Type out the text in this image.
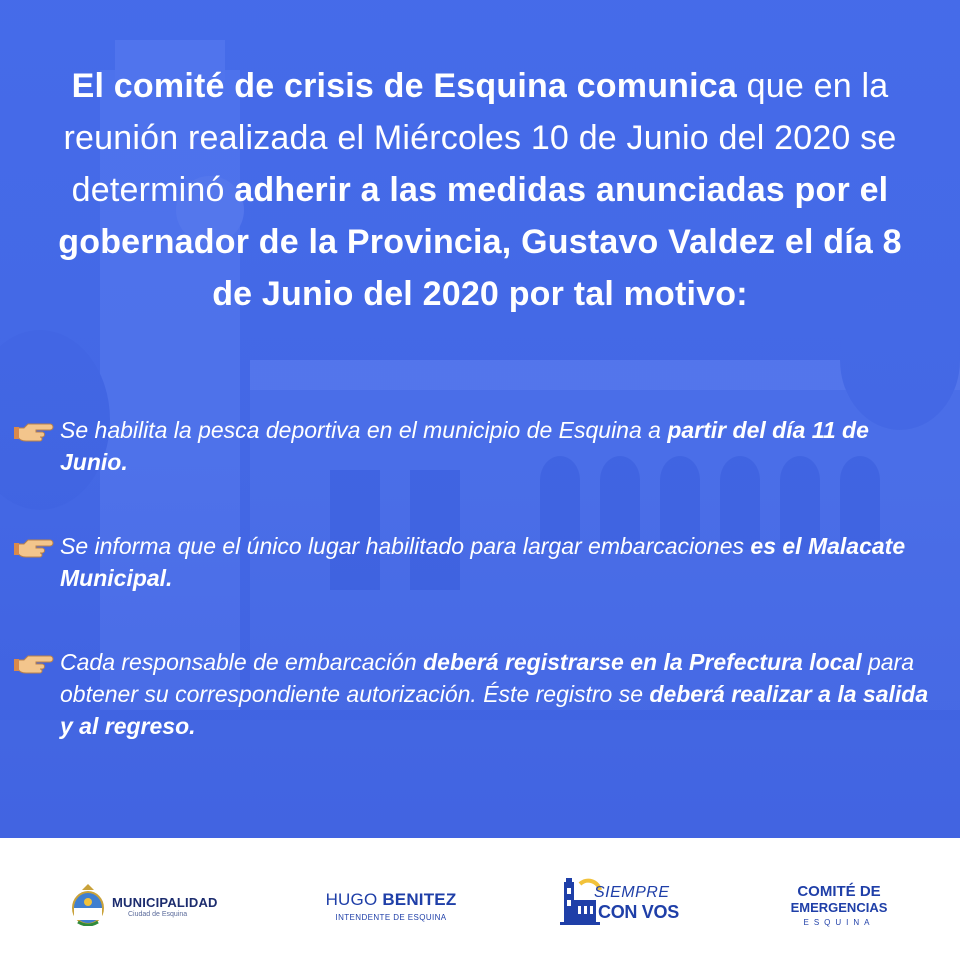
El comité de crisis de Esquina comunica que en la reunión realizada el Miércoles 10 de Junio del 2020 se determinó adherir a las medidas anunciadas por el gobernador de la Provincia, Gustavo Valdez el día 8 de Junio del 2020 por tal motivo:
Se habilita la pesca deportiva en el municipio de Esquina a partir del día 11 de Junio.
Se informa que el único lugar habilitado para largar embarcaciones es el Malacate Municipal.
Cada responsable de embarcación deberá registrarse en la Prefectura local para obtener su correspondiente autorización. Éste registro se deberá realizar a la salida y al regreso.
MUNICIPALIDAD
Ciudad de Esquina
HUGO BENITEZ
INTENDENTE DE ESQUINA
SIEMPRE
CON VOS
COMITÉ DE
EMERGENCIAS
ESQUINA
